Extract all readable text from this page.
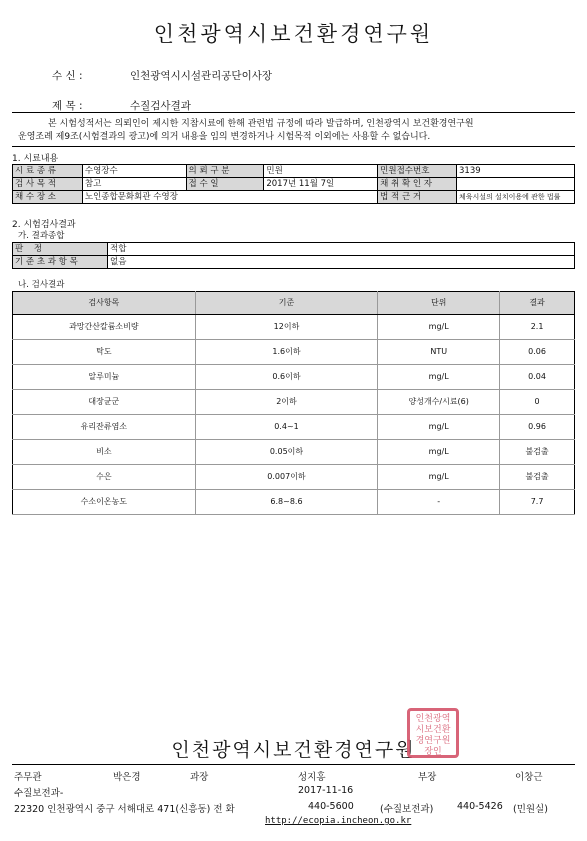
인천광역시보건환경연구원
수 신 :	인천광역시시설관리공단이사장
제 목 :	수질검사결과
본 시험성적서는 의뢰인이 제시한 지참시료에 한해 관련법 규정에 따라 발급하며, 인천광역시 보건환경연구원
운영조례 제9조(시험결과의 광고)에 의거 내용을 임의 변경하거나 시험목적 이외에는 사용할 수 없습니다.
1. 시료내용
시 료 종 류	수영장수	의 뢰 구 분	민원	민원접수번호	3139
검 사 목 적	참고	접 수 일	2017년 11월 7일	채 취 확 인 자	
채 수 장 소	노인종합문화회관 수영장			법 적 근 거	체육시설의 설치이용에 관한 법률
2. 시험검사결과
가. 결과종합
판 정	적합
기 준 초 과 항 목	없음
나. 검사결과
검사항목	기준	단위	결과
과망간산칼륨소비량	12이하	mg/L	2.1
탁도	1.6이하	NTU	0.06
알루미늄	0.6이하	mg/L	0.04
대장균군	2이하	양성개수/시료(6)	0
유리잔류염소	0.4~1	mg/L	0.96
비소	0.05이하	mg/L	불검출
수은	0.007이하	mg/L	불검출
수소이온농도	6.8~8.6	-	7.7
인천광역시보건환경연구원
인천광역시보건환경연구원장인
주무관	박은경	과장	성지홍	부장	이창근
수질보전과-	2017-11-16
22320 인천광역시 중구 서해대로 471(신흥동) 전 화	440-5600	(수질보전과) 440-5426 (민원실)
http://ecopia.incheon.go.kr
